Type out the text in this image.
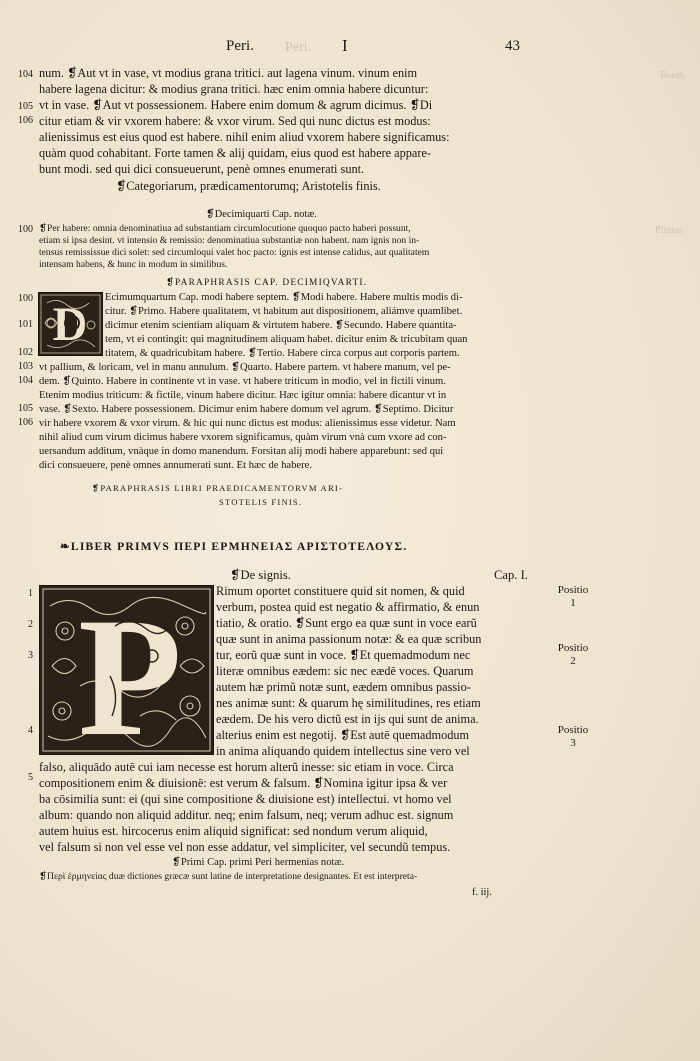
Peri.
Boeth.
Plinius
Peri.	I	43
104
105
106
num. ❡Aut vt in vase, vt modius grana tritici. aut lagena vinum. vinum enim
habere lagena dicitur: & modius grana tritici. hæc enim omnia habere dicuntur:
vt in vase. ❡Aut vt possessionem. Habere enim domum & agrum dicimus. ❡Di
citur etiam & vir vxorem habere: & vxor virum. Sed qui nunc dictus est modus:
alienissimus est eius quod est habere. nihil enim aliud vxorem habere significamus:
quàm quod cohabitant. Forte tamen & alij quidam, eius quod est habere appare-
bunt modi. sed qui dici consueuerunt, penè omnes enumerati sunt.
❡Categoriarum, prædicamentorumq; Aristotelis finis.
❡Decimiquarti Cap. notæ.
100 ❡Per habere: omnia denominatiua ad substantiam circumlocutione quoquo pacto haberi possunt,
etiam si ipsa desint. vt intensio & remissio: denominatiua substantiæ non habent. nam ignis non in-
tensus remississue dici solet: sed circumloqui valet hoc pacto: ignis est intense calidus, aut qualitatem
intensam habens, & hunc in modum in similibus.
❡PARAPHRASIS CAP. DECIMIQVARTI.
D
100
101
102
103
104
105
106
Ecimumquartum Cap. modi habere septem. ❡Modi habere. Habere multis modis di-
citur. ❡Primo. Habere qualitatem, vt habitum aut dispositionem, aliámve quamlibet.
dicimur etenim scientiam aliquam & virtutem habere. ❡Secundo. Habere quantita-
tem, vt ei contingit: qui magnitudinem aliquam habet. dicitur enim & tricubitam quan
titatem, & quadricubitam habere. ❡Tertio. Habere circa corpus aut corporis partem.
vt pallium, & loricam, vel in manu annulum. ❡Quarto. Habere partem. vt habere manum, vel pe-
dem. ❡Quinto. Habere in continente vt in vase. vt habere triticum in modio, vel in fictili vinum.
Etenim modius triticum: & fictile, vinum habere dicitur. Hæc igitur omnia: habere dicantur vt in
vase. ❡Sexto. Habere possessionem. Dicimur enim habere domum vel agrum. ❡Septimo. Dicitur
vir habere vxorem & vxor virum. & hic qui nunc dictus est modus: alienissimus esse videtur. Nam
nihil aliud cum virum dicimus habere vxorem significamus, quàm virum vnà cum vxore ad con-
uersandum additum, vnàque in domo manendum. Forsitan alij modi habere apparebunt: sed qui
dici consueuere, penè omnes annumerati sunt. Et hæc de habere.
❡PARAPHRASIS LIBRI PRAEDICAMENTORVM ARI-
STOTELIS FINIS.
❧LIBER PRIMVS ΠΕΡΙ ΕΡΜΗΝΕΙΑΣ ΑΡΙΣΤΟΤΕΛΟΥΣ.
❡De signis.	Cap. I.
P
1
2
3
4
5
Rimum oportet constituere quid sit nomen, & quid
verbum, postea quid est negatio & affirmatio, & enun
tiatio, & oratio. ❡Sunt ergo ea quæ sunt in voce earũ
quæ sunt in anima passionum notæ: & ea quæ scribun
tur, eorũ quæ sunt in voce. ❡Et quemadmodum nec
literæ omnibus eædem: sic nec eædē voces. Quarum
autem hæ primũ notæ sunt, eædem omnibus passio-
nes animæ sunt: & quarum hę similitudines, res etiam
eædem. De his vero dictũ est in ijs qui sunt de anima.
alterius enim est negotij. ❡Est autē quemadmodum
in anima aliquando quidem intellectus sine vero vel
falso, aliquādo autē cui iam necesse est horum alterũ inesse: sic etiam in voce. Circa
compositionem enim & diuisionē: est verum & falsum. ❡Nomina igitur ipsa & ver
ba cōsimilia sunt: ei (qui sine compositione & diuisione est) intellectui. vt homo vel
album: quando non aliquid additur. neq; enim falsum, neq; verum adhuc est. signum
autem huius est. hircocerus enim aliquid significat: sed nondum verum aliquid,
vel falsum si non vel esse vel non esse addatur, vel simpliciter, vel secundũ tempus.
❡Primi Cap. primi Peri hermenias notæ.
❡Περὶ ἑρμηνείας duæ dictiones græcæ sunt latine de interpretatione designantes. Et est interpreta-
f. iij.
Positio
1
Positio
2
Positio
3
